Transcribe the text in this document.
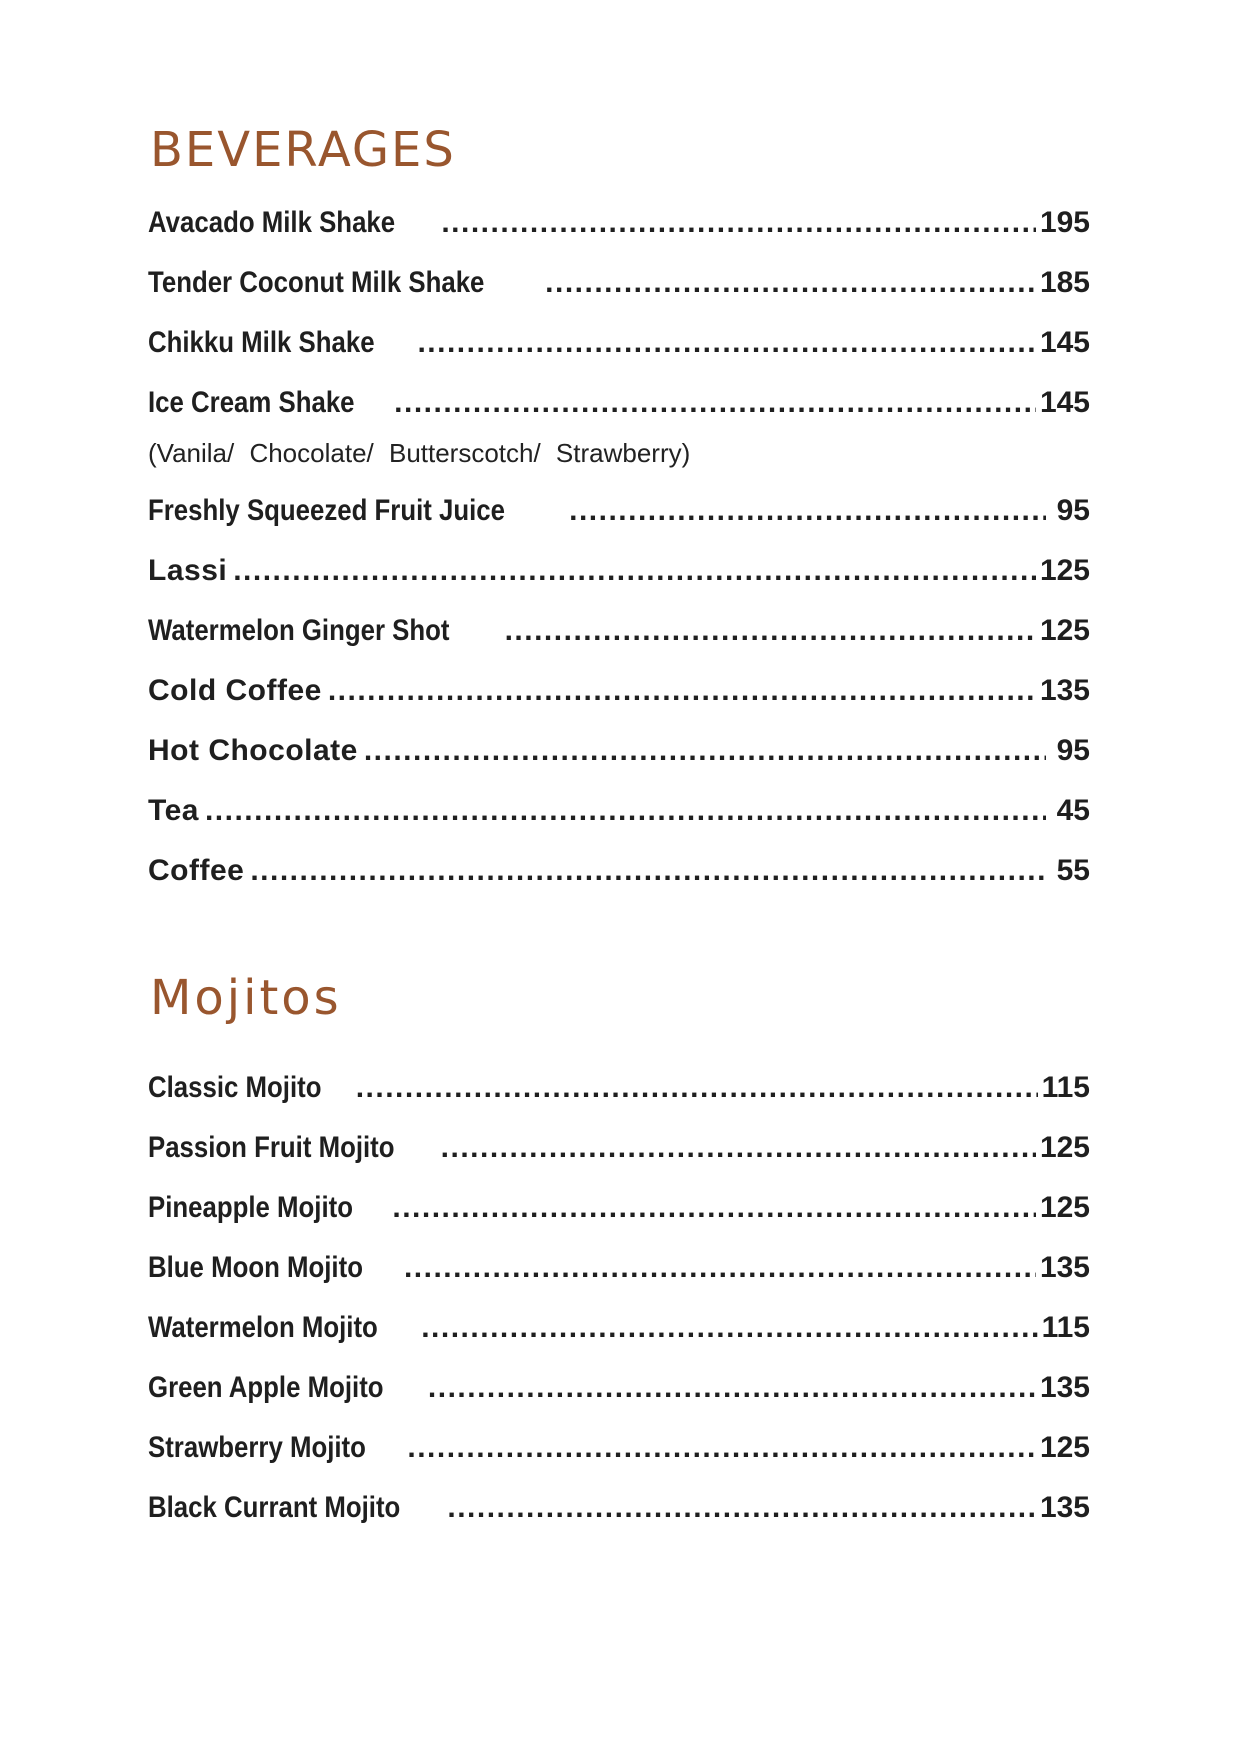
BEVERAGES
Avacado Milk Shake .....	195
Tender Coconut Milk Shake .....	185
Chikku Milk Shake .....	145
Ice Cream Shake .....	145
(Vanila/ Chocolate/ Butterscotch/ Strawberry)
Freshly Squeezed Fruit Juice .....	95
Lassi .....	125
Watermelon Ginger Shot .....	125
Cold Coffee .....	135
Hot Chocolate .....	95
Tea .....	45
Coffee .....	55
Mojitos
Classic Mojito .....	115
Passion Fruit Mojito .....	125
Pineapple Mojito .....	125
Blue Moon Mojito .....	135
Watermelon Mojito .....	115
Green Apple Mojito .....	135
Strawberry Mojito .....	125
Black Currant Mojito .....	135
